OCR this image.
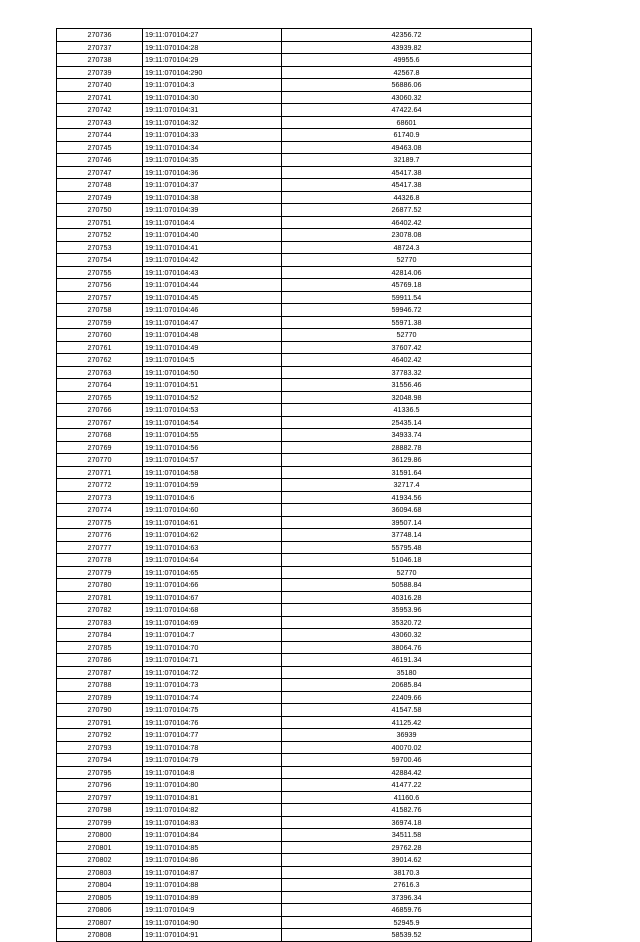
270736	19:11:070104:27	42356.72
270737	19:11:070104:28	43939.82
270738	19:11:070104:29	49955.6
270739	19:11:070104:290	42567.8
270740	19:11:070104:3	56886.06
270741	19:11:070104:30	43060.32
270742	19:11:070104:31	47422.64
270743	19:11:070104:32	68601
270744	19:11:070104:33	61740.9
270745	19:11:070104:34	49463.08
270746	19:11:070104:35	32189.7
270747	19:11:070104:36	45417.38
270748	19:11:070104:37	45417.38
270749	19:11:070104:38	44326.8
270750	19:11:070104:39	26877.52
270751	19:11:070104:4	46402.42
270752	19:11:070104:40	23078.08
270753	19:11:070104:41	48724.3
270754	19:11:070104:42	52770
270755	19:11:070104:43	42814.06
270756	19:11:070104:44	45769.18
270757	19:11:070104:45	59911.54
270758	19:11:070104:46	59946.72
270759	19:11:070104:47	55971.38
270760	19:11:070104:48	52770
270761	19:11:070104:49	37607.42
270762	19:11:070104:5	46402.42
270763	19:11:070104:50	37783.32
270764	19:11:070104:51	31556.46
270765	19:11:070104:52	32048.98
270766	19:11:070104:53	41336.5
270767	19:11:070104:54	25435.14
270768	19:11:070104:55	34933.74
270769	19:11:070104:56	28882.78
270770	19:11:070104:57	36129.86
270771	19:11:070104:58	31591.64
270772	19:11:070104:59	32717.4
270773	19:11:070104:6	41934.56
270774	19:11:070104:60	36094.68
270775	19:11:070104:61	39507.14
270776	19:11:070104:62	37748.14
270777	19:11:070104:63	55795.48
270778	19:11:070104:64	51046.18
270779	19:11:070104:65	52770
270780	19:11:070104:66	50588.84
270781	19:11:070104:67	40316.28
270782	19:11:070104:68	35953.96
270783	19:11:070104:69	35320.72
270784	19:11:070104:7	43060.32
270785	19:11:070104:70	38064.76
270786	19:11:070104:71	46191.34
270787	19:11:070104:72	35180
270788	19:11:070104:73	20685.84
270789	19:11:070104:74	22409.66
270790	19:11:070104:75	41547.58
270791	19:11:070104:76	41125.42
270792	19:11:070104:77	36939
270793	19:11:070104:78	40070.02
270794	19:11:070104:79	59700.46
270795	19:11:070104:8	42884.42
270796	19:11:070104:80	41477.22
270797	19:11:070104:81	41160.6
270798	19:11:070104:82	41582.76
270799	19:11:070104:83	36974.18
270800	19:11:070104:84	34511.58
270801	19:11:070104:85	29762.28
270802	19:11:070104:86	39014.62
270803	19:11:070104:87	38170.3
270804	19:11:070104:88	27616.3
270805	19:11:070104:89	37396.34
270806	19:11:070104:9	46859.76
270807	19:11:070104:90	52945.9
270808	19:11:070104:91	58539.52
